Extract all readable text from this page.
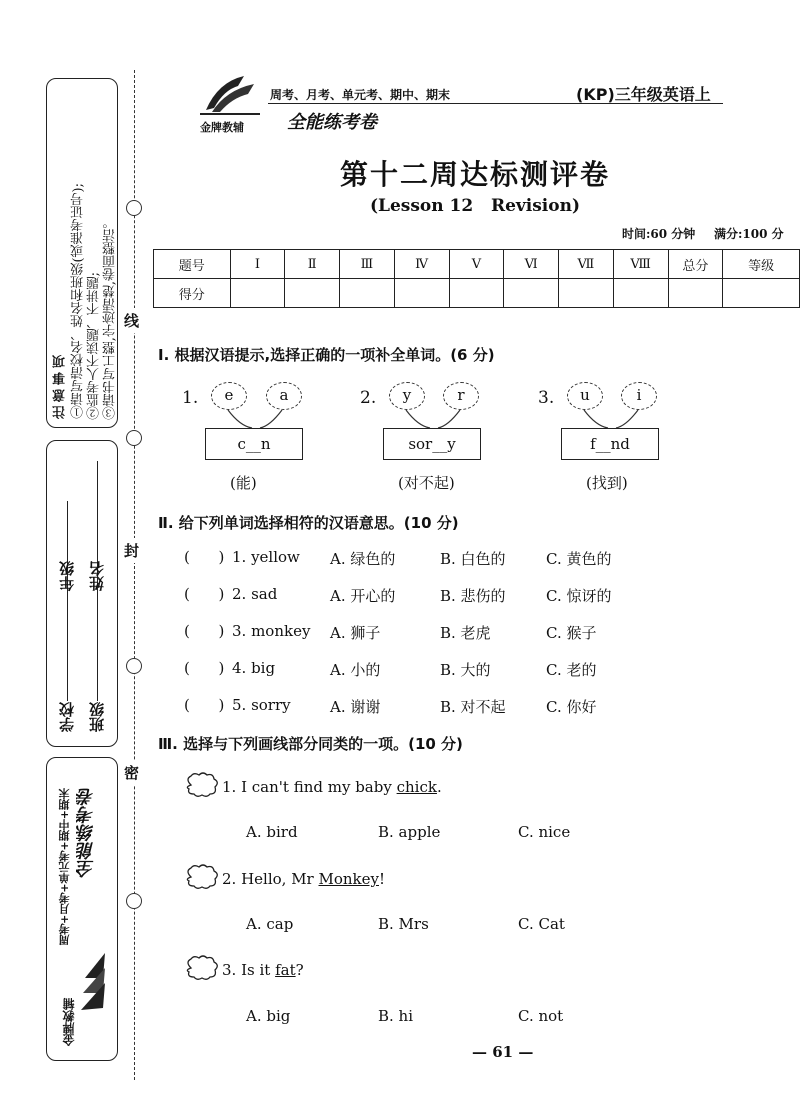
注意事项 ①请写清校名、姓名和班级(或准考证号); ②监考人不读题、不讲题; ③请书写工整,字迹清楚,卷面整洁。
学校
年级
班级
姓名
周考+月考+单元考+期中+期末 全能练考卷
金牌教辅
线
封
密
金牌教辅
周考、月考、单元考、期中、期末	(KP)三年级英语上
全能练考卷
第十二周达标测评卷
(Lesson 12   Revision)
时间:60 分钟 满分:100 分
题号	Ⅰ	Ⅱ	Ⅲ	Ⅳ	Ⅴ	Ⅵ	Ⅶ	Ⅷ	总分	等级
得分										
Ⅰ. 根据汉语提示,选择正确的一项补全单词。(6 分)
1.	e	a
c__n
(能)
2.	y	r
sor__y
(对不起)
3.	u	i
f__nd
(找到)
Ⅱ. 给下列单词选择相符的汉语意思。(10 分)
(      ) 1. yellow A. 绿色的	B. 白色的	C. 黄色的
(      ) 2. sad	A. 开心的	B. 悲伤的	C. 惊讶的
(      ) 3. monkey A. 狮子	B. 老虎	C. 猴子
(      ) 4. big	A. 小的	B. 大的	C. 老的
(      ) 5. sorry	A. 谢谢	B. 对不起	C. 你好
Ⅲ. 选择与下列画线部分同类的一项。(10 分)
1. I can't find my baby chick.
A. bird	B. apple	C. nice
2. Hello, Mr Monkey!
A. cap	B. Mrs	C. Cat
3. Is it fat?
A. big	B. hi	C. not
— 61 —
